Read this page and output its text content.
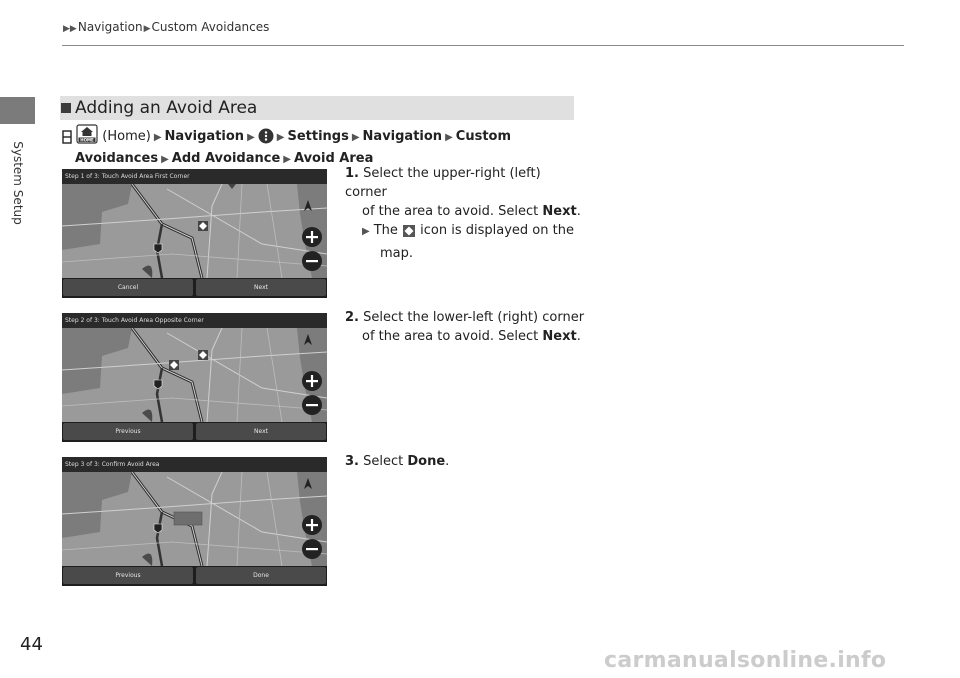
▶▶Navigation▶Custom Avoidances
System Setup
Adding an Avoid Area

HOME (Home) ▶ Navigation ▶ ▶ Settings ▶ Navigation ▶ Custom
Avoidances ▶ Add Avoidance ▶ Avoid Area
Step 1 of 3: Touch Avoid Area First Corner
Cancel	Next
Step 2 of 3: Touch Avoid Area Opposite Corner
Previous	Next
Step 3 of 3: Confirm Avoid Area
Previous	Done
1. Select the upper-right (left) corner
of the area to avoid. Select Next.
▶ The  icon is displayed on the
map.
2. Select the lower-left (right) corner
of the area to avoid. Select Next.
3. Select Done.
44
carmanualsonline.info
